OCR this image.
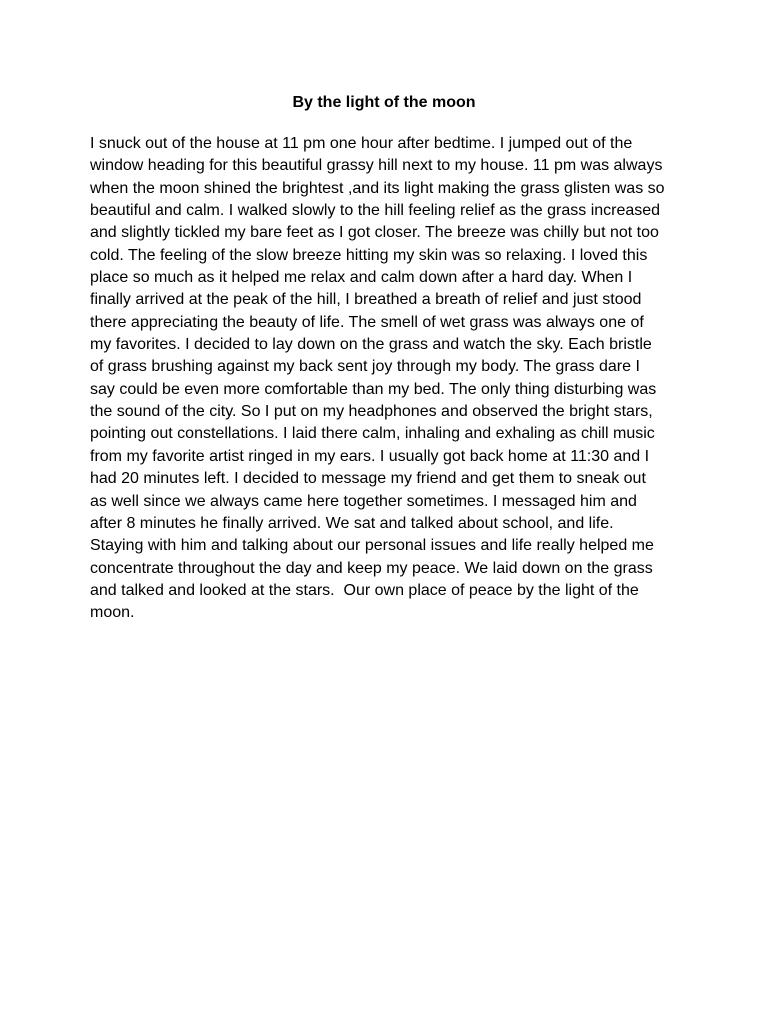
By the light of the moon
I snuck out of the house at 11 pm one hour after bedtime. I jumped out of the
window heading for this beautiful grassy hill next to my house. 11 pm was always
when the moon shined the brightest ,and its light making the grass glisten was so
beautiful and calm. I walked slowly to the hill feeling relief as the grass increased
and slightly tickled my bare feet as I got closer. The breeze was chilly but not too
cold. The feeling of the slow breeze hitting my skin was so relaxing. I loved this
place so much as it helped me relax and calm down after a hard day. When I
finally arrived at the peak of the hill, I breathed a breath of relief and just stood
there appreciating the beauty of life. The smell of wet grass was always one of
my favorites. I decided to lay down on the grass and watch the sky. Each bristle
of grass brushing against my back sent joy through my body. The grass dare I
say could be even more comfortable than my bed. The only thing disturbing was
the sound of the city. So I put on my headphones and observed the bright stars,
pointing out constellations. I laid there calm, inhaling and exhaling as chill music
from my favorite artist ringed in my ears. I usually got back home at 11:30 and I
had 20 minutes left. I decided to message my friend and get them to sneak out
as well since we always came here together sometimes. I messaged him and
after 8 minutes he finally arrived. We sat and talked about school, and life.
Staying with him and talking about our personal issues and life really helped me
concentrate throughout the day and keep my peace. We laid down on the grass
and talked and looked at the stars.  Our own place of peace by the light of the
moon.
